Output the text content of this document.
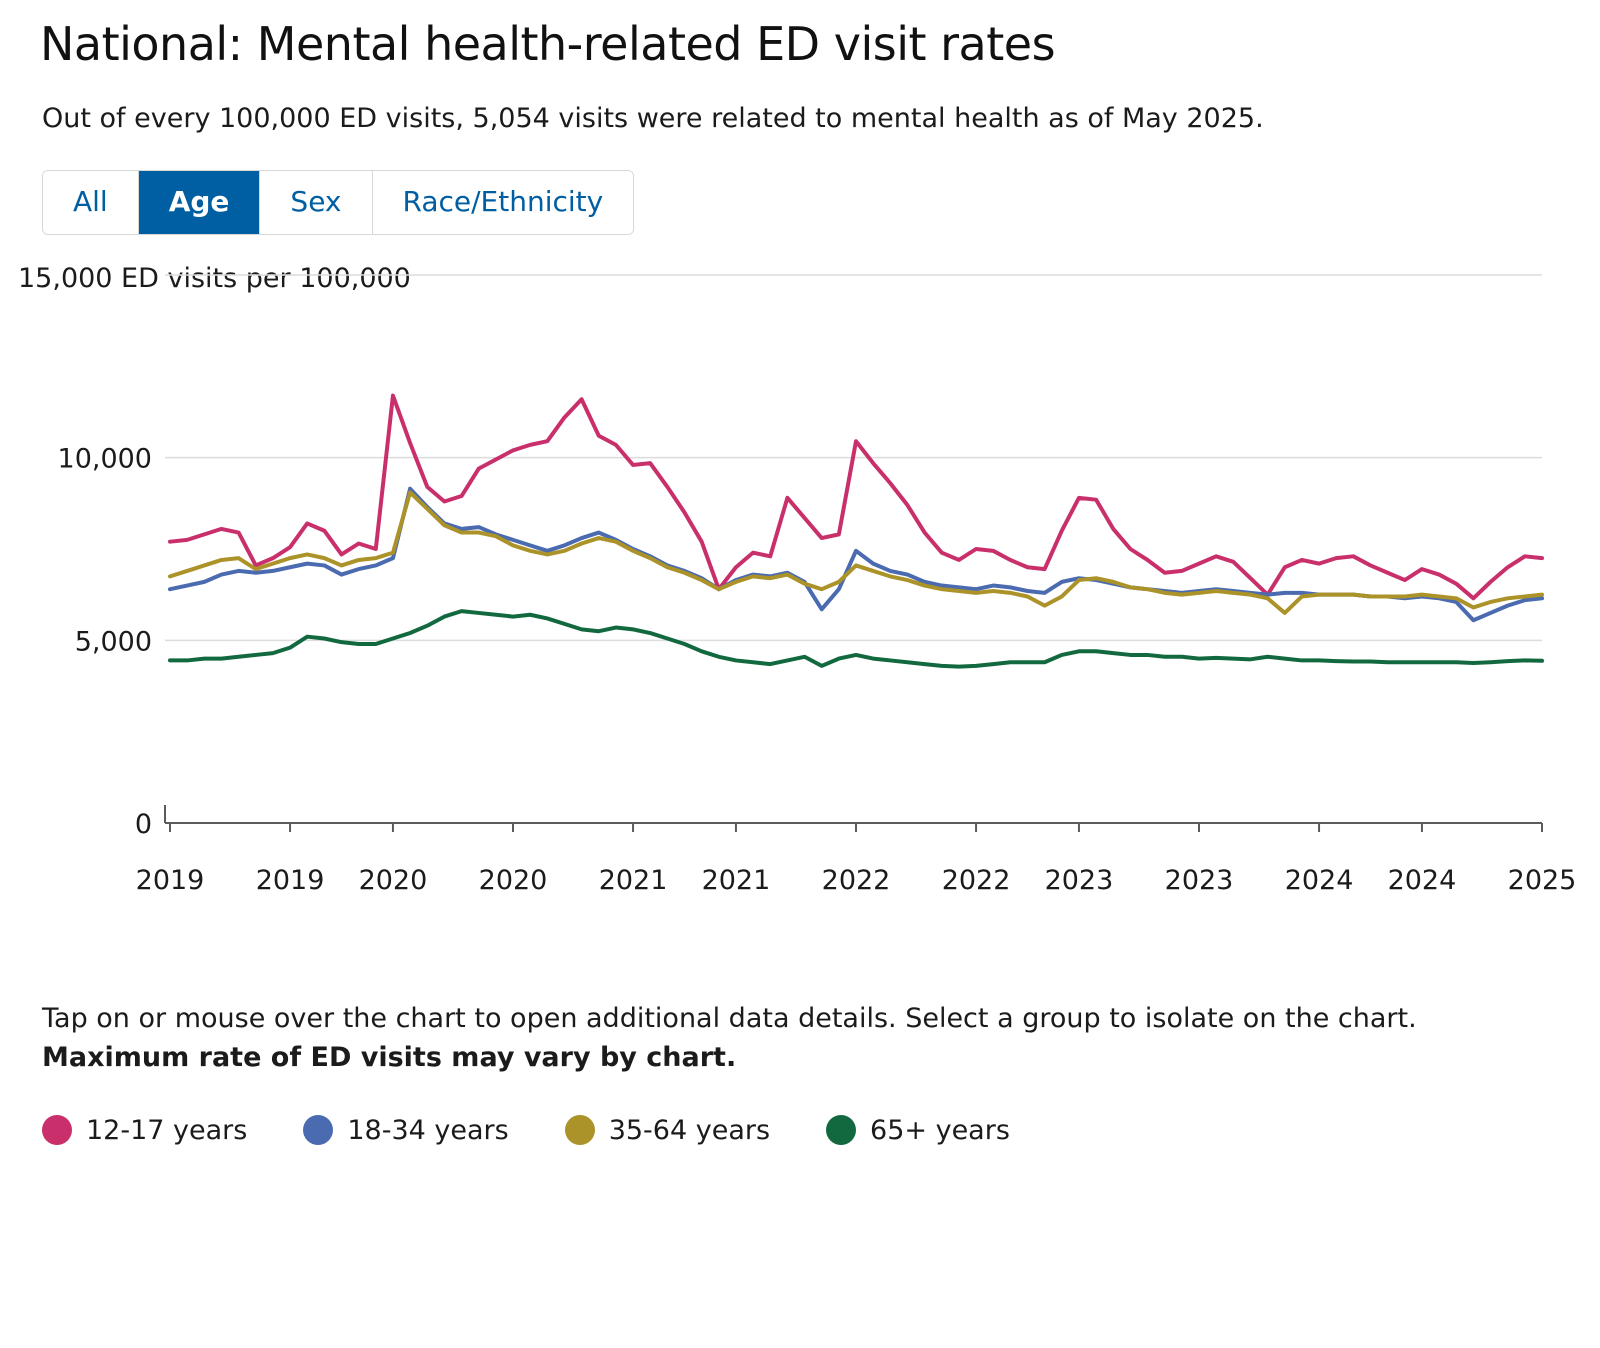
National: Mental health-related ED visit rates

Out of every 100,000 ED visits, 5,054 visits were related to mental health as of May 2025.

All	Age	Sex	Race/Ethnicity
15,000 ED visits per 100,000
0
5,000
10,000
2019 2019 2020 2020 2021 2021 2022 2022 2023 2023 2024 2024 2025

Tap on or mouse over the chart to open additional data details. Select a group to isolate on the chart. Maximum rate of ED visits may vary by chart.

12-17 years	18-34 years	35-64 years	65+ years
